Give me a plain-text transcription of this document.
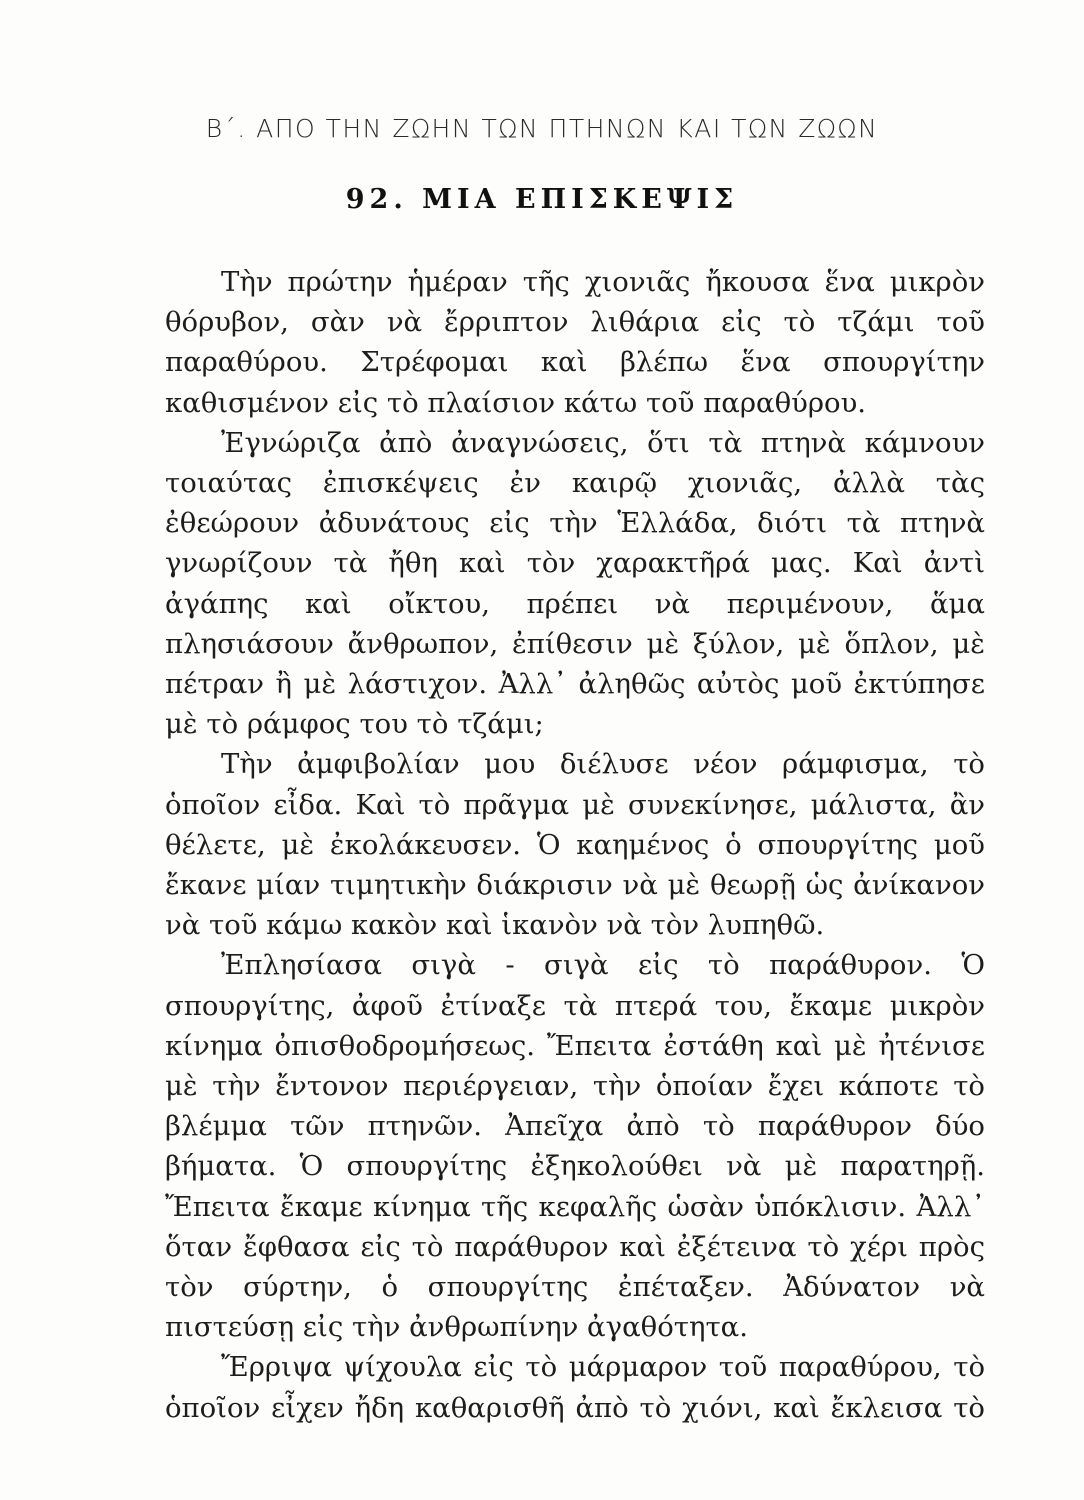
Β΄. ΑΠΟ ΤΗΝ ΖΩΗΝ ΤΩΝ ΠΤΗΝΩΝ ΚΑΙ ΤΩΝ ΖΩΩΝ
92. ΜΙΑ ΕΠΙΣΚΕΨΙΣ

Τὴν πρώτην ἡμέραν τῆς χιονιᾶς ἤκουσα ἕνα μικρὸν θόρυβον, σὰν νὰ ἔρριπτον λιθάρια εἰς τὸ τζάμι τοῦ παραθύρου. Στρέφομαι καὶ βλέπω ἕνα σπουργίτην καθισμένον εἰς τὸ πλαίσιον κάτω τοῦ παραθύρου.

Ἐγνώριζα ἀπὸ ἀναγνώσεις, ὅτι τὰ πτηνὰ κάμνουν τοιαύτας ἐπισκέψεις ἐν καιρῷ χιονιᾶς, ἀλλὰ τὰς ἐθεώρουν ἀδυνάτους εἰς τὴν Ἑλλάδα, διότι τὰ πτηνὰ γνωρίζουν τὰ ἤθη καὶ τὸν χαρακτῆρά μας. Καὶ ἀντὶ ἀγάπης καὶ οἴκτου, πρέπει νὰ περιμένουν, ἅμα πλησιάσουν ἄνθρωπον, ἐπίθεσιν μὲ ξύλον, μὲ ὅπλον, μὲ πέτραν ἢ μὲ λάστιχον. Ἀλλ᾽ ἀληθῶς αὐτὸς μοῦ ἐκτύπησε μὲ τὸ ράμφος του τὸ τζάμι;

Τὴν ἀμφιβολίαν μου διέλυσε νέον ράμφισμα, τὸ ὁποῖον εἶδα. Καὶ τὸ πρᾶγμα μὲ συνεκίνησε, μάλιστα, ἂν θέλετε, μὲ ἐκολάκευσεν. Ὁ καημένος ὁ σπουργίτης μοῦ ἔκανε μίαν τιμητικὴν διάκρισιν νὰ μὲ θεωρῇ ὡς ἀνίκανον νὰ τοῦ κάμω κακὸν καὶ ἱκανὸν νὰ τὸν λυπηθῶ.

Ἐπλησίασα σιγὰ - σιγὰ εἰς τὸ παράθυρον. Ὁ σπουργίτης, ἀφοῦ ἐτίναξε τὰ πτερά του, ἔκαμε μικρὸν κίνημα ὀπισθοδρομήσεως. Ἔπειτα ἐστάθη καὶ μὲ ἠτένισε μὲ τὴν ἔντονον περιέργειαν, τὴν ὁποίαν ἔχει κάποτε τὸ βλέμμα τῶν πτηνῶν. Ἀπεῖχα ἀπὸ τὸ παράθυρον δύο βήματα. Ὁ σπουργίτης ἐξηκολούθει νὰ μὲ παρατηρῇ. Ἔπειτα ἔκαμε κίνημα τῆς κεφαλῆς ὡσὰν ὑπόκλισιν. Ἀλλ᾽ ὅταν ἔφθασα εἰς τὸ παράθυρον καὶ ἐξέτεινα τὸ χέρι πρὸς τὸν σύρτην, ὁ σπουργίτης ἐπέταξεν. Ἀδύνατον νὰ πιστεύσῃ εἰς τὴν ἀνθρωπίνην ἀγαθότητα.

Ἔρριψα ψίχουλα εἰς τὸ μάρμαρον τοῦ παραθύρου, τὸ ὁποῖον εἶχεν ἤδη καθαρισθῆ ἀπὸ τὸ χιόνι, καὶ ἔκλεισα τὸ
